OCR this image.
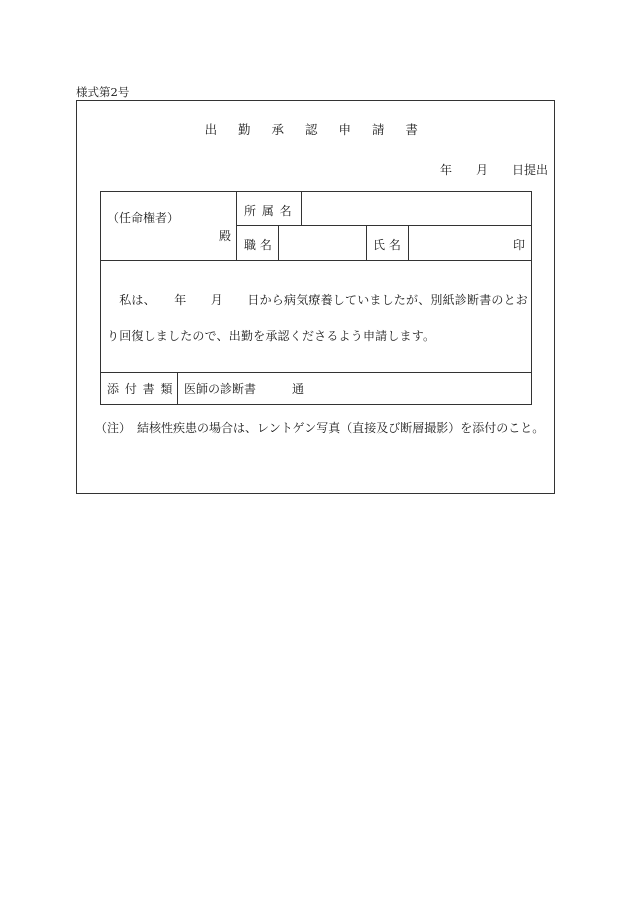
様式第2号
出 勤 承 認 申 請 書
年　　月　　日提出
（任命権者）
殿
所 属 名
職 名	氏 名	印
　私は、　　年　　月　　日から病気療養していましたが、別紙診断書のとお
り回復しましたので、出勤を承認くださるよう申請します。
添 付 書 類 医師の診断書　　　通
（注）　結核性疾患の場合は、レントゲン写真（直接及び断層撮影）を添付のこと。
